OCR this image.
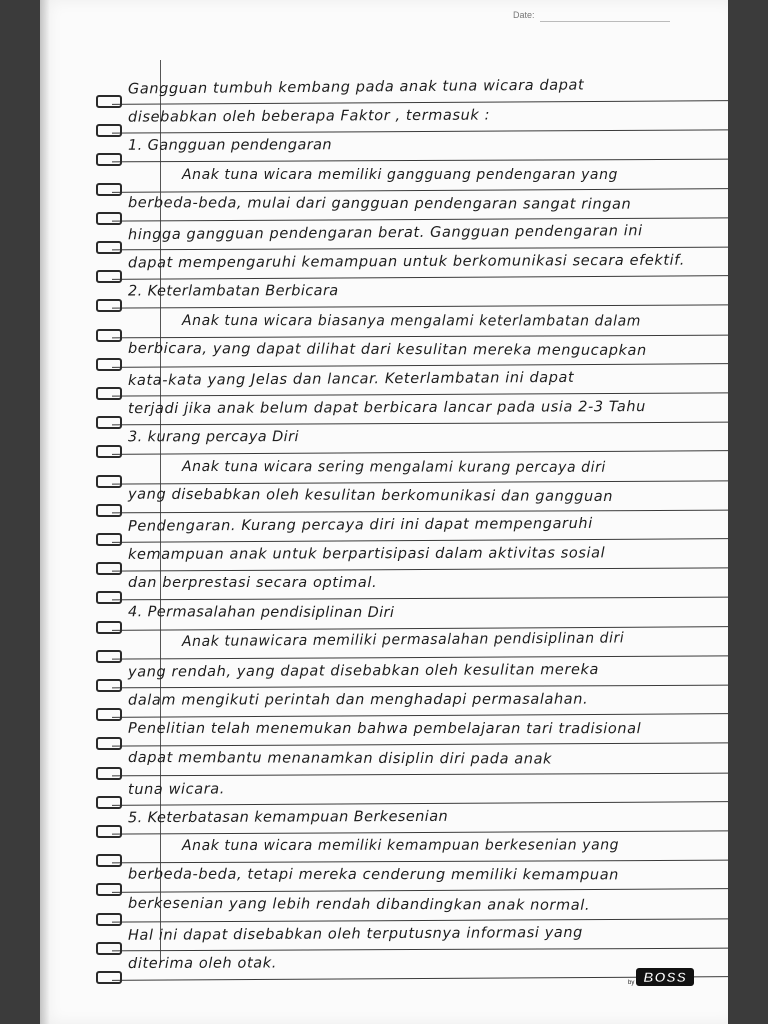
Date:
Gangguan tumbuh kembang pada anak tuna wicara dapat
disebabkan oleh beberapa Faktor , termasuk :
1. Gangguan pendengaran
Anak tuna wicara memiliki gangguang pendengaran yang
berbeda-beda, mulai dari gangguan pendengaran sangat ringan
hingga gangguan pendengaran berat. Gangguan pendengaran ini
dapat mempengaruhi kemampuan untuk berkomunikasi secara efektif.
2. Keterlambatan Berbicara
Anak tuna wicara biasanya mengalami keterlambatan dalam
berbicara, yang dapat dilihat dari kesulitan mereka mengucapkan
kata-kata yang Jelas dan lancar. Keterlambatan ini dapat
terjadi jika anak belum dapat berbicara lancar pada usia 2-3 Tahu
3. kurang percaya Diri
Anak tuna wicara sering mengalami kurang percaya diri
yang disebabkan oleh kesulitan berkomunikasi dan gangguan
Pendengaran. Kurang percaya diri ini dapat mempengaruhi
kemampuan anak untuk berpartisipasi dalam aktivitas sosial
dan berprestasi secara optimal.
4. Permasalahan pendisiplinan Diri
Anak tunawicara memiliki permasalahan pendisiplinan diri
yang rendah, yang dapat disebabkan oleh kesulitan mereka
dalam mengikuti perintah dan menghadapi permasalahan.
Penelitian telah menemukan bahwa pembelajaran tari tradisional
dapat membantu menanamkan disiplin diri pada anak
tuna wicara.
5. Keterbatasan kemampuan Berkesenian
Anak tuna wicara memiliki kemampuan berkesenian yang
berbeda-beda, tetapi mereka cenderung memiliki kemampuan
berkesenian yang lebih rendah dibandingkan anak normal.
Hal ini dapat disebabkan oleh terputusnya informasi yang
diterima oleh otak.
by BOSS
